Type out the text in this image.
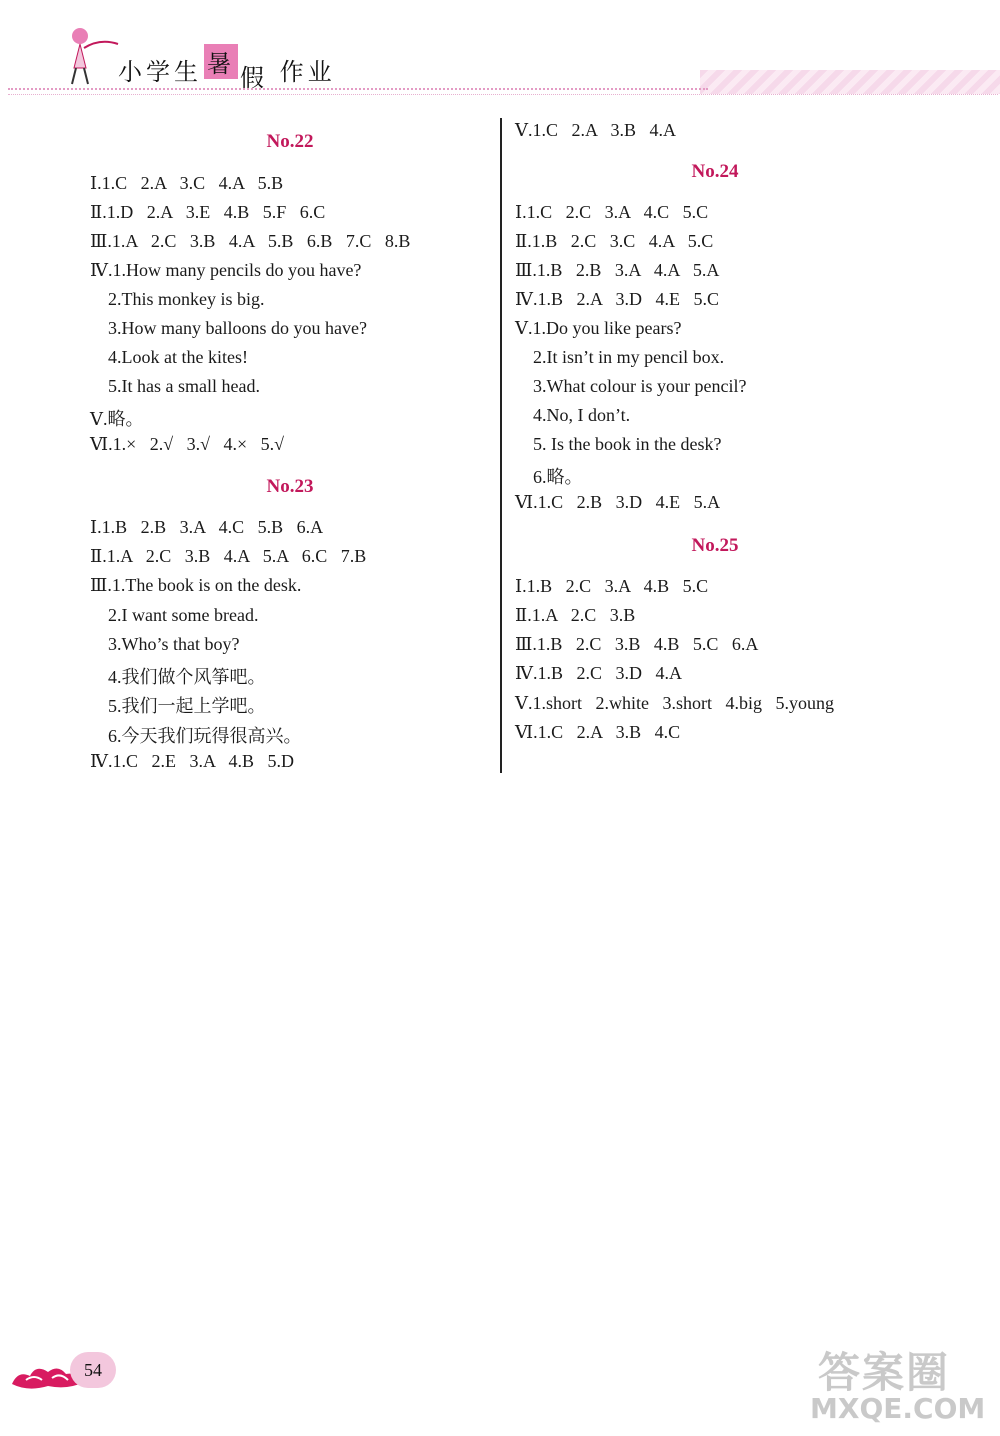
小学生 暑 假 作业
No.22
Ⅰ.1.C   2.A   3.C   4.A   5.B
Ⅱ.1.D   2.A   3.E   4.B   5.F   6.C
Ⅲ.1.A   2.C   3.B   4.A   5.B   6.B   7.C   8.B
Ⅳ.1.How many pencils do you have?
2.This monkey is big.
3.How many balloons do you have?
4.Look at the kites!
5.It has a small head.
Ⅴ.略。
Ⅵ.1.×   2.√   3.√   4.×   5.√
No.23
Ⅰ.1.B   2.B   3.A   4.C   5.B   6.A
Ⅱ.1.A   2.C   3.B   4.A   5.A   6.C   7.B
Ⅲ.1.The book is on the desk.
2.I want some bread.
3.Who’s that boy?
4.我们做个风筝吧。
5.我们一起上学吧。
6.今天我们玩得很高兴。
Ⅳ.1.C   2.E   3.A   4.B   5.D
Ⅴ.1.C   2.A   3.B   4.A
No.24
Ⅰ.1.C   2.C   3.A   4.C   5.C
Ⅱ.1.B   2.C   3.C   4.A   5.C
Ⅲ.1.B   2.B   3.A   4.A   5.A
Ⅳ.1.B   2.A   3.D   4.E   5.C
Ⅴ.1.Do you like pears?
2.It isn’t in my pencil box.
3.What colour is your pencil?
4.No, I don’t.
5. Is the book in the desk?
6.略。
Ⅵ.1.C   2.B   3.D   4.E   5.A
No.25
Ⅰ.1.B   2.C   3.A   4.B   5.C
Ⅱ.1.A   2.C   3.B
Ⅲ.1.B   2.C   3.B   4.B   5.C   6.A
Ⅳ.1.B   2.C   3.D   4.A
Ⅴ.1.short   2.white   3.short   4.big   5.young
Ⅵ.1.C   2.A   3.B   4.C
54	答案圈
MXQE.COM
